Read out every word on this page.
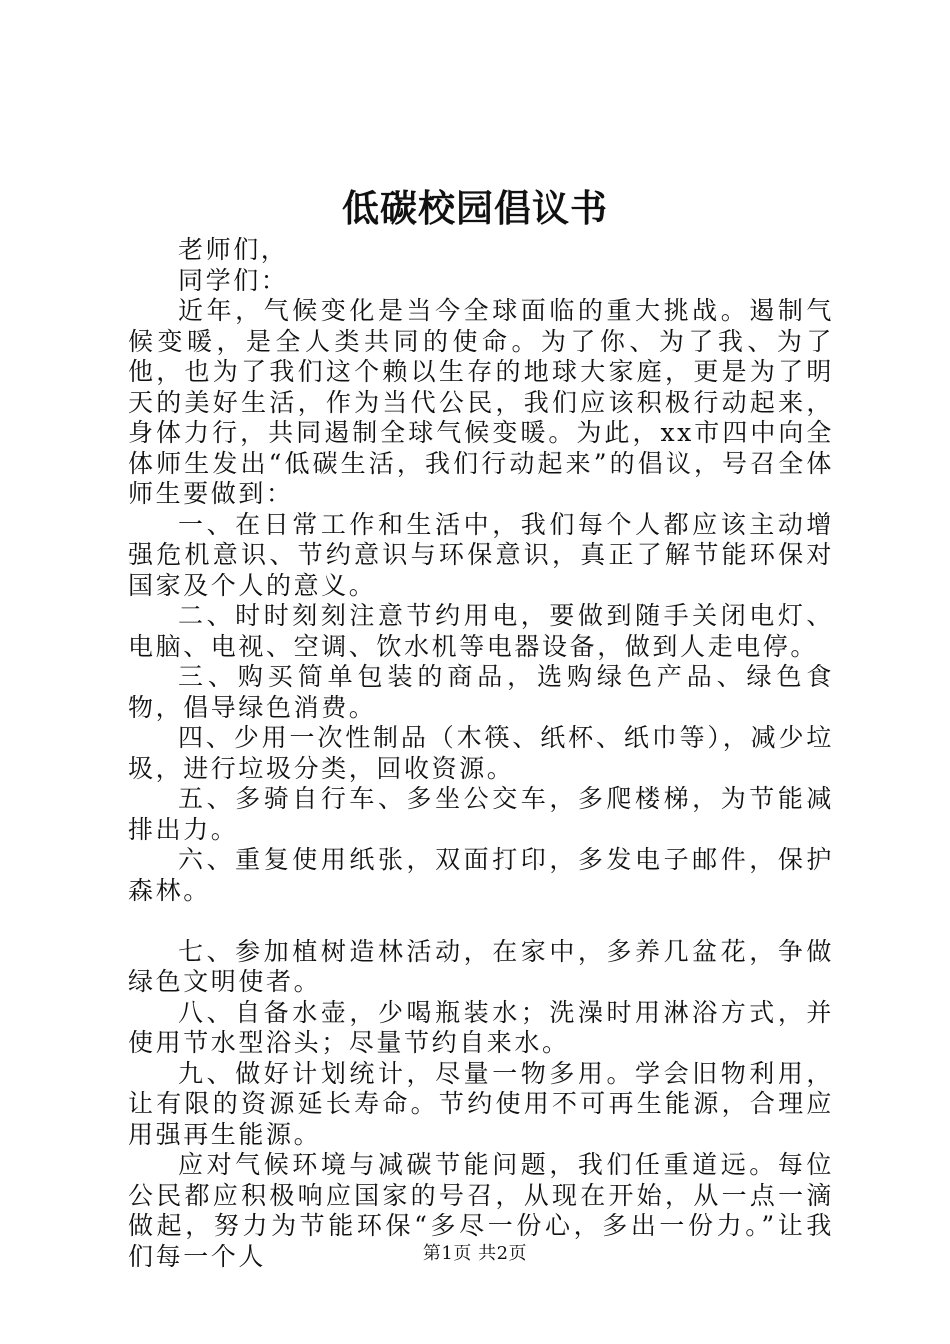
低碳校园倡议书

老师们，

同学们：

近年，气候变化是当今全球面临的重大挑战。遏制气候变暖，是全人类共同的使命。为了你、为了我、为了他，也为了我们这个赖以生存的地球大家庭，更是为了明天的美好生活，作为当代公民，我们应该积极行动起来，身体力行，共同遏制全球气候变暖。为此，xx市四中向全体师生发出“低碳生活，我们行动起来”的倡议，号召全体师生要做到：

一、在日常工作和生活中，我们每个人都应该主动增强危机意识、节约意识与环保意识，真正了解节能环保对国家及个人的意义。

二、时时刻刻注意节约用电，要做到随手关闭电灯、电脑、电视、空调、饮水机等电器设备，做到人走电停。

三、购买简单包装的商品，选购绿色产品、绿色食物，倡导绿色消费。

四、少用一次性制品（木筷、纸杯、纸巾等），减少垃圾，进行垃圾分类，回收资源。

五、多骑自行车、多坐公交车，多爬楼梯，为节能减排出力。

六、重复使用纸张，双面打印，多发电子邮件，保护森林。

七、参加植树造林活动，在家中，多养几盆花，争做绿色文明使者。

八、自备水壶，少喝瓶装水；洗澡时用淋浴方式，并使用节水型浴头；尽量节约自来水。

九、做好计划统计，尽量一物多用。学会旧物利用，让有限的资源延长寿命。节约使用不可再生能源，合理应用强再生能源。

应对气候环境与减碳节能问题，我们任重道远。每位公民都应积极响应国家的号召，从现在开始，从一点一滴做起，努力为节能环保“多尽一份心，多出一份力。”让我们每一个人	第1页 共2页
